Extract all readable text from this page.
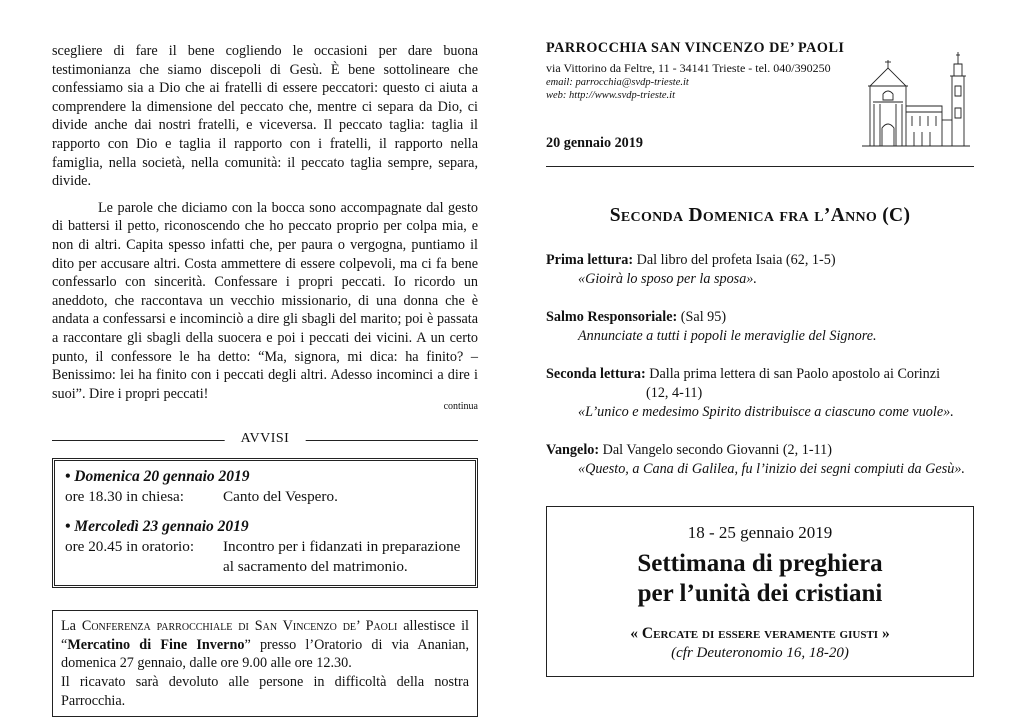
scegliere di fare il bene cogliendo le occasioni per dare buona testimonianza che siamo discepoli di Gesù. È bene sottolineare che confessiamo sia a Dio che ai fratelli di essere peccatori: questo ci aiuta a comprendere la dimensione del peccato che, mentre ci separa da Dio, ci divide anche dai nostri fratelli, e viceversa. Il peccato taglia: taglia il rapporto con Dio e taglia il rapporto con i fratelli, il rapporto nella famiglia, nella società, nella comunità: il peccato taglia sempre, separa, divide.

Le parole che diciamo con la bocca sono accompagnate dal gesto di battersi il petto, riconoscendo che ho peccato proprio per colpa mia, e non di altri. Capita spesso infatti che, per paura o vergogna, puntiamo il dito per accusare altri. Costa ammettere di essere colpevoli, ma ci fa bene confessarlo con sincerità. Confessare i propri peccati. Io ricordo un aneddoto, che raccontava un vecchio missionario, di una donna che è andata a confessarsi e incominciò a dire gli sbagli del marito; poi è passata a raccontare gli sbagli della suocera e poi i peccati dei vicini. A un certo punto, il confessore le ha detto: “Ma, signora, mi dica: ha finito? – Benissimo: lei ha finito con i peccati degli altri. Adesso incominci a dire i suoi”. Dire i propri peccati!

continua
AVVISI

• Domenica 20 gennaio 2019

ore 18.30 in chiesa:	Canto del Vespero.

• Mercoledì 23 gennaio 2019

ore 20.45 in oratorio:	Incontro per i fidanzati in preparazione al sacramento del matrimonio.
La Conferenza parrocchiale di San Vincenzo de’ Paoli allestisce il “Mercatino di Fine Inverno” presso l’Oratorio di via Ananian, domenica 27 gennaio, dalle ore 9.00 alle ore 12.30.
Il ricavato sarà devoluto alle persone in difficoltà della nostra Parrocchia.
PARROCCHIA SAN VINCENZO DE’ PAOLI
via Vittorino da Feltre, 11 - 34141 Trieste - tel. 040/390250
email: parrocchia@svdp-trieste.it
web: http://www.svdp-trieste.it
20 gennaio 2019
Seconda Domenica fra l’Anno (C)
Prima lettura: Dal libro del profeta Isaia (62, 1-5)
«Gioirà lo sposo per la sposa».
Salmo Responsoriale: (Sal 95)
Annunciate a tutti i popoli le meraviglie del Signore.
Seconda lettura: Dalla prima lettera di san Paolo apostolo ai Corinzi
(12, 4-11)
«L’unico e medesimo Spirito distribuisce a ciascuno come vuole».
Vangelo: Dal Vangelo secondo Giovanni (2, 1-11)
«Questo, a Cana di Galilea, fu l’inizio dei segni compiuti da Gesù».
18 - 25 gennaio 2019
Settimana di preghiera
per l’unità dei cristiani
« Cercate di essere veramente giusti »
(cfr Deuteronomio 16, 18-20)
